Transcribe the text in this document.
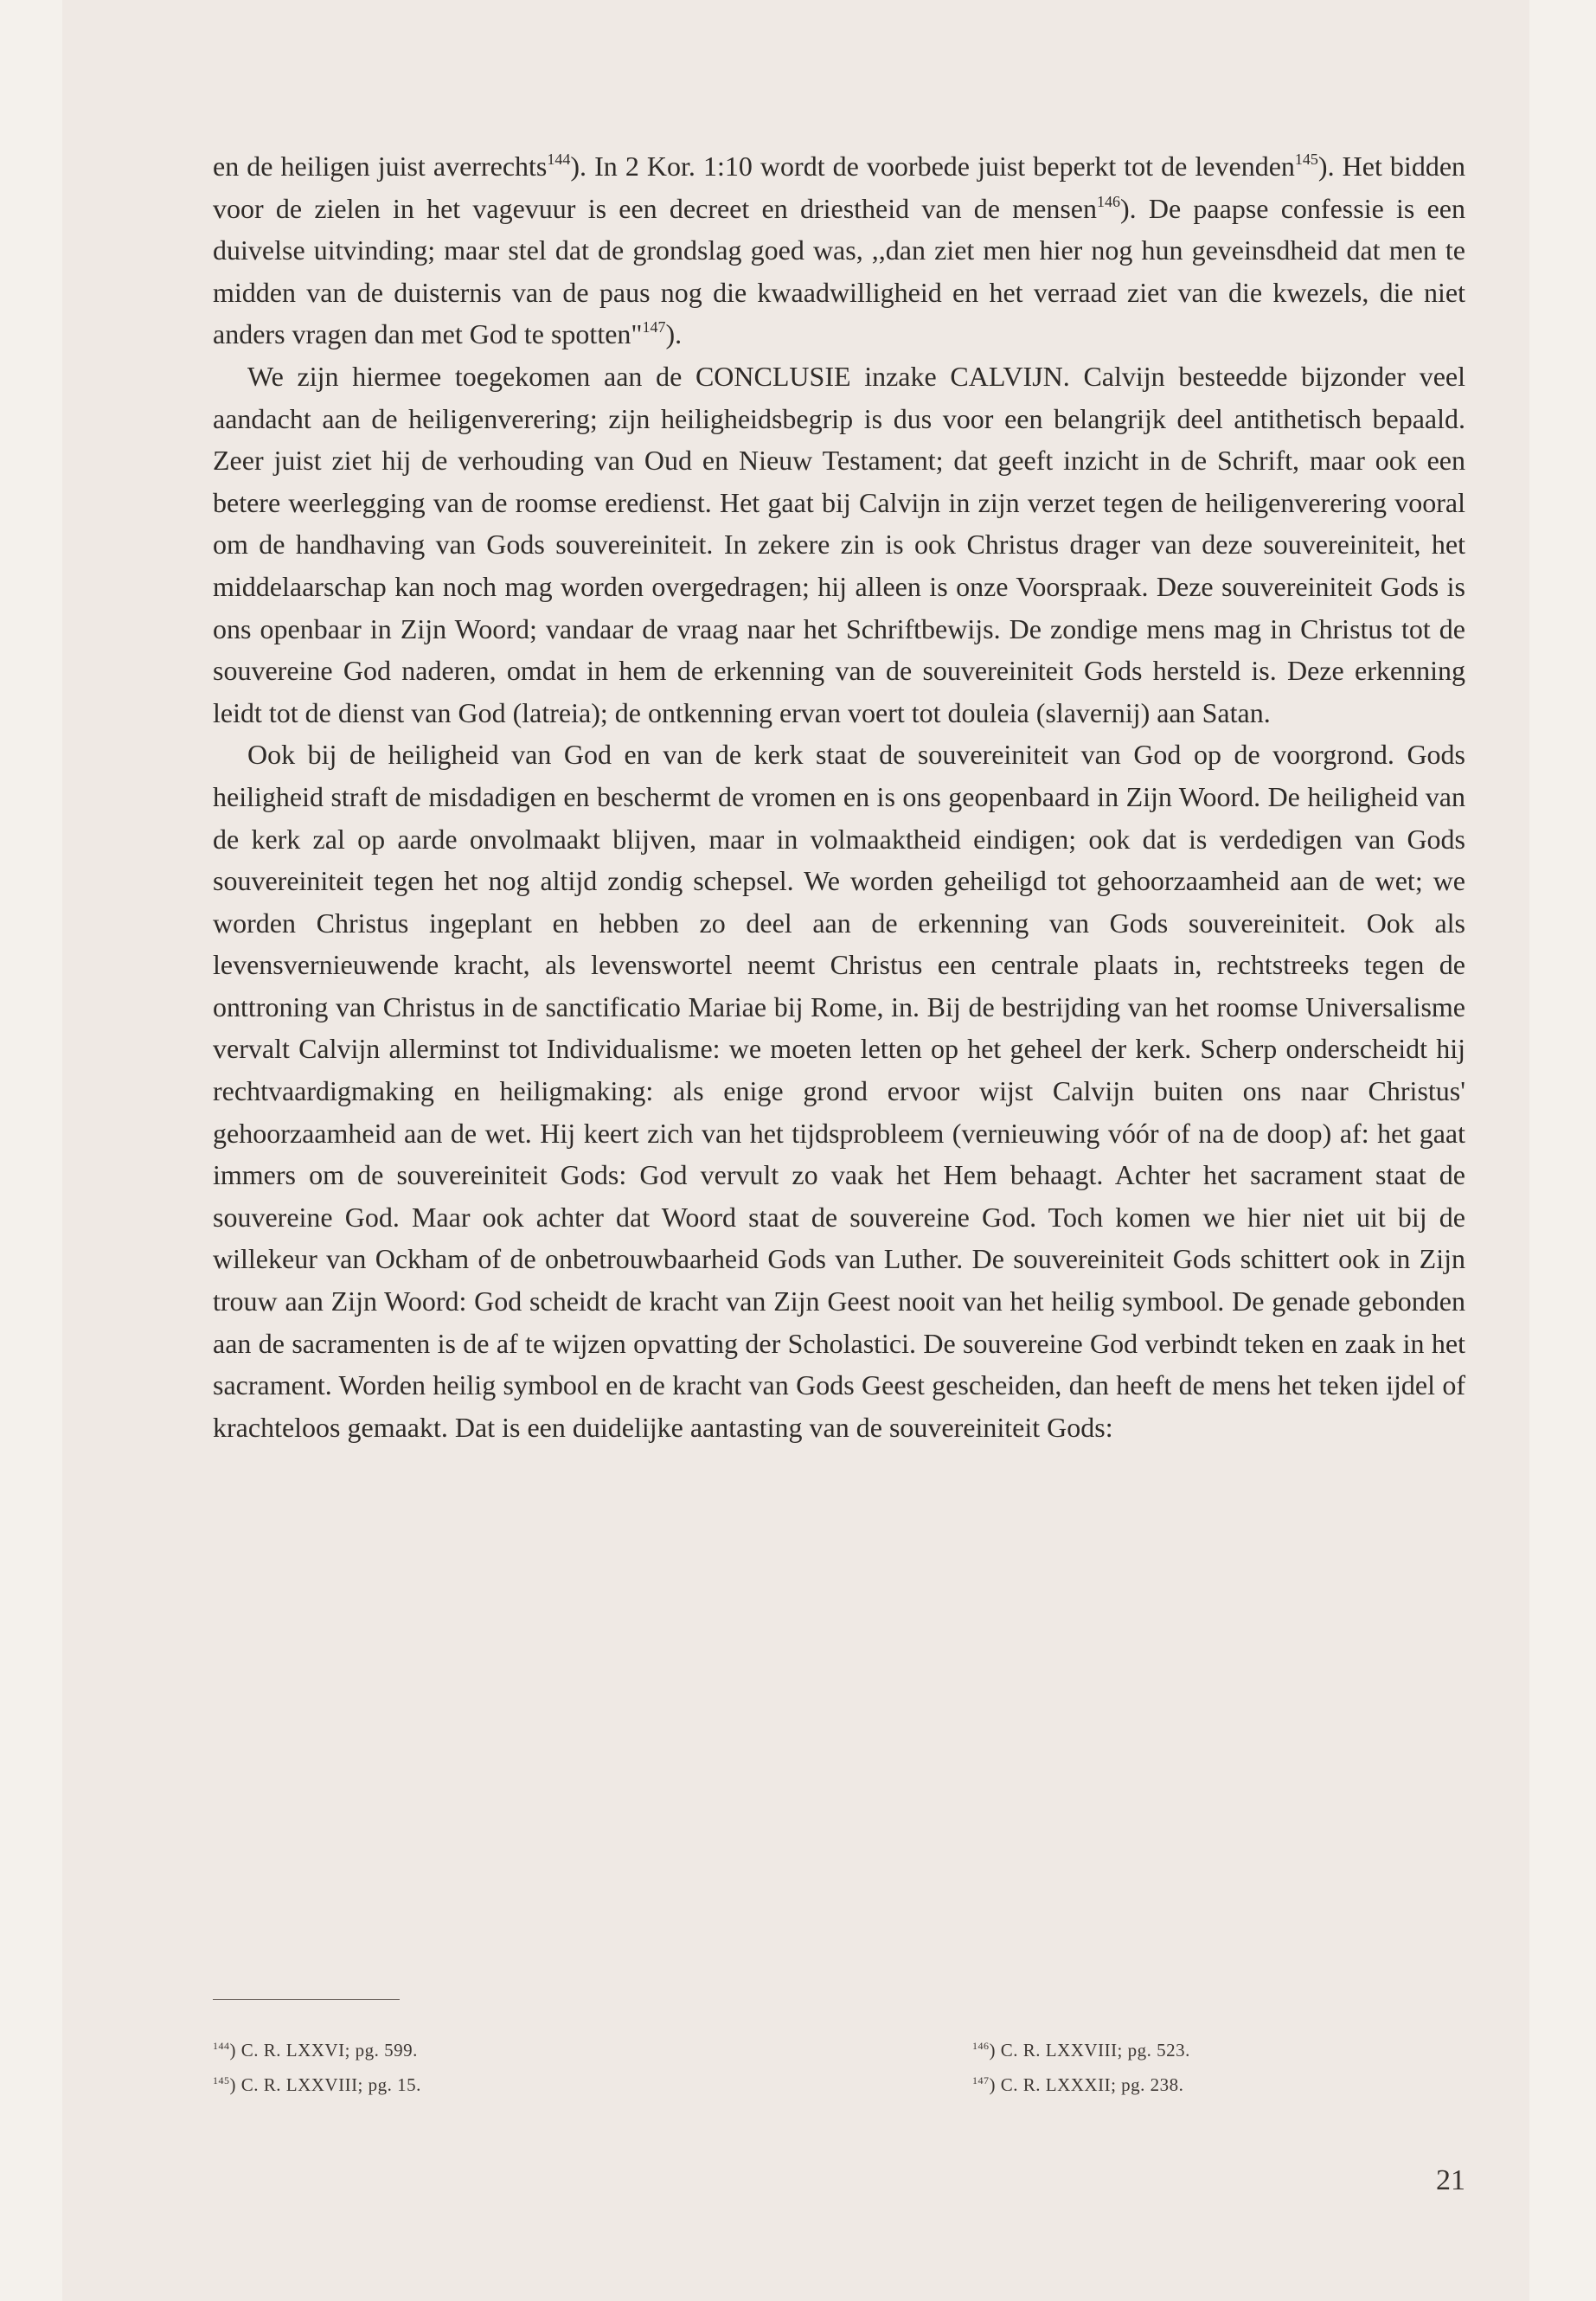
en de heiligen juist averrechts$^{144}$). In 2 Kor. 1:10 wordt de voorbede juist beperkt tot de levenden$^{145}$). Het bidden voor de zielen in het vagevuur is een decreet en driestheid van de mensen$^{146}$). De paapse confessie is een duivelse uitvinding; maar stel dat de grondslag goed was, ,,dan ziet men hier nog hun geveinsdheid dat men te midden van de duisternis van de paus nog die kwaadwilligheid en het verraad ziet van die kwezels, die niet anders vragen dan met God te spotten"$^{147}$).

We zijn hiermee toegekomen aan de CONCLUSIE inzake CALVIJN. Calvijn besteedde bijzonder veel aandacht aan de heiligenverering; zijn heiligheidsbegrip is dus voor een belangrijk deel antithetisch bepaald. Zeer juist ziet hij de verhouding van Oud en Nieuw Testament; dat geeft inzicht in de Schrift, maar ook een betere weerlegging van de roomse eredienst. Het gaat bij Calvijn in zijn verzet tegen de heiligenverering vooral om de handhaving van Gods souvereiniteit. In zekere zin is ook Christus drager van deze souvereiniteit, het middelaarschap kan noch mag worden overgedragen; hij alleen is onze Voorspraak. Deze souvereiniteit Gods is ons openbaar in Zijn Woord; vandaar de vraag naar het Schriftbewijs. De zondige mens mag in Christus tot de souvereine God naderen, omdat in hem de erkenning van de souvereiniteit Gods hersteld is. Deze erkenning leidt tot de dienst van God (latreia); de ontkenning ervan voert tot douleia (slavernij) aan Satan.

Ook bij de heiligheid van God en van de kerk staat de souvereiniteit van God op de voorgrond. Gods heiligheid straft de misdadigen en beschermt de vromen en is ons geopenbaard in Zijn Woord. De heiligheid van de kerk zal op aarde onvolmaakt blijven, maar in volmaaktheid eindigen; ook dat is verdedigen van Gods souvereiniteit tegen het nog altijd zondig schepsel. We worden geheiligd tot gehoorzaamheid aan de wet; we worden Christus ingeplant en hebben zo deel aan de erkenning van Gods souvereiniteit. Ook als levensvernieuwende kracht, als levenswortel neemt Christus een centrale plaats in, rechtstreeks tegen de onttroning van Christus in de sanctificatio Mariae bij Rome, in. Bij de bestrijding van het roomse Universalisme vervalt Calvijn allerminst tot Individualisme: we moeten letten op het geheel der kerk. Scherp onderscheidt hij rechtvaardigmaking en heiligmaking: als enige grond ervoor wijst Calvijn buiten ons naar Christus' gehoorzaamheid aan de wet. Hij keert zich van het tijdsprobleem (vernieuwing vóór of na de doop) af: het gaat immers om de souvereiniteit Gods: God vervult zo vaak het Hem behaagt. Achter het sacrament staat de souvereine God. Maar ook achter dat Woord staat de souvereine God. Toch komen we hier niet uit bij de willekeur van Ockham of de onbetrouwbaarheid Gods van Luther. De souvereiniteit Gods schittert ook in Zijn trouw aan Zijn Woord: God scheidt de kracht van Zijn Geest nooit van het heilig symbool. De genade gebonden aan de sacramenten is de af te wijzen opvatting der Scholastici. De souvereine God verbindt teken en zaak in het sacrament. Worden heilig symbool en de kracht van Gods Geest gescheiden, dan heeft de mens het teken ijdel of krachteloos gemaakt. Dat is een duidelijke aantasting van de souvereiniteit Gods:

$^{144}$) C. R. LXXVI; pg. 599.
$^{145}$) C. R. LXXVIII; pg. 15.
$^{146}$) C. R. LXXVIII; pg. 523.
$^{147}$) C. R. LXXXII; pg. 238.
21
